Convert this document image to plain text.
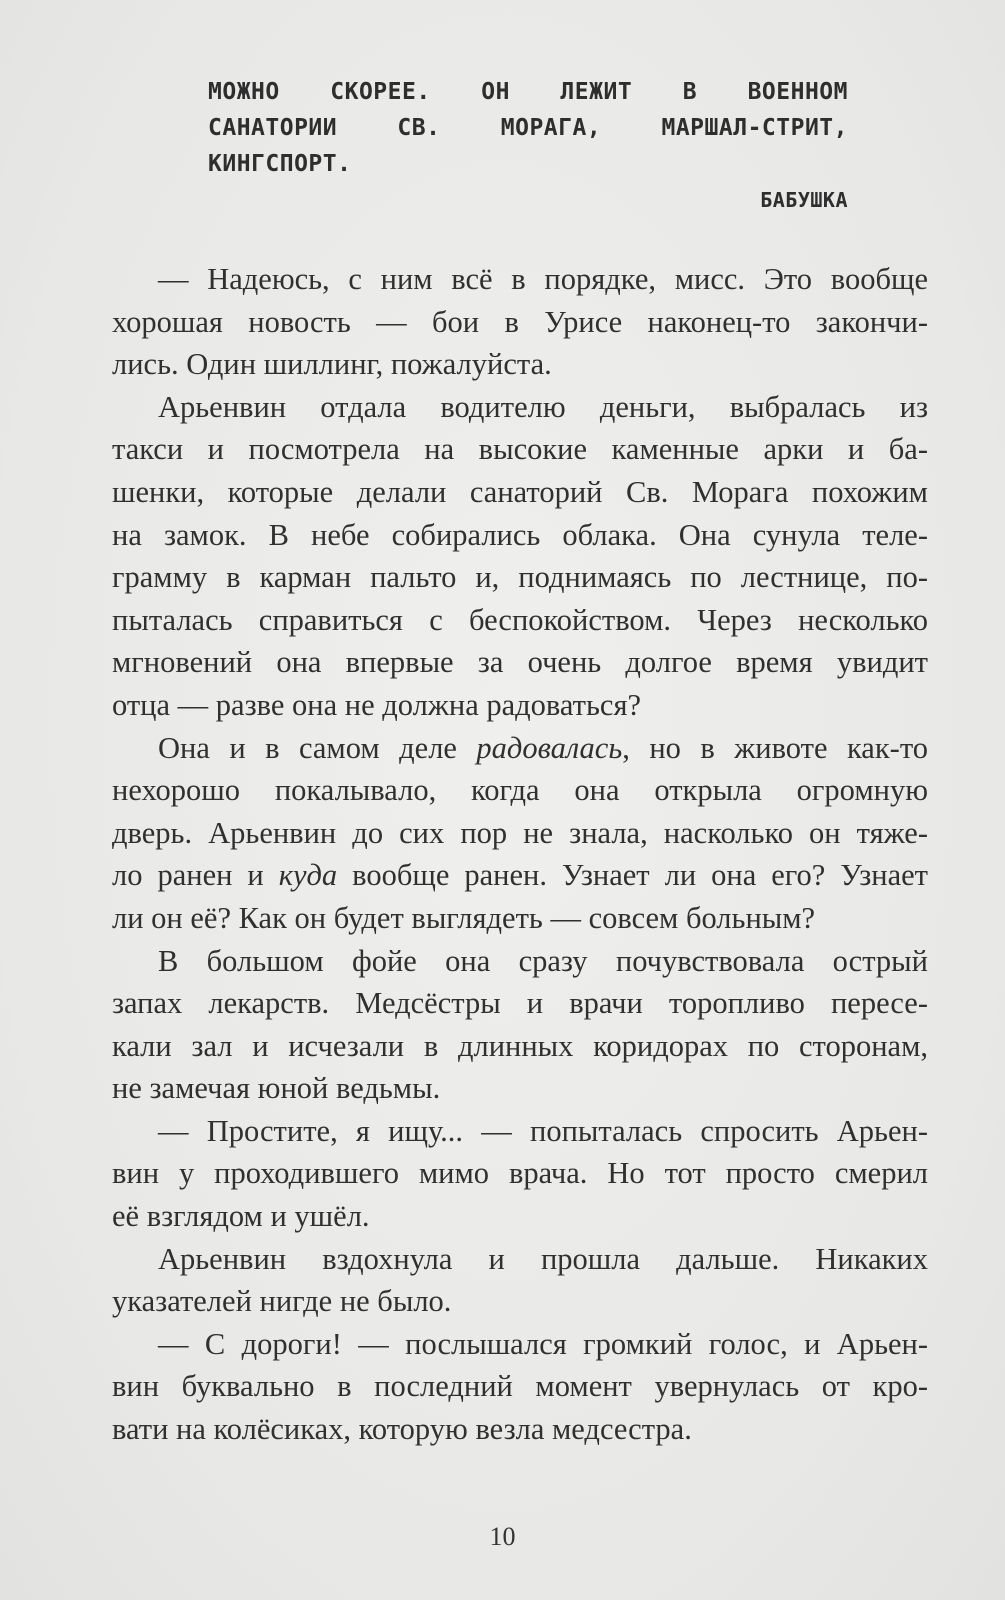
МОЖНО СКОРЕЕ. ОН ЛЕЖИТ В ВОЕННОМ
САНАТОРИИ СВ. МОРАГА, МАРШАЛ-СТРИТ,
КИНГСПОРТ.
БАБУШКА
— Надеюсь, с ним всё в порядке, мисс. Это вообще
хорошая новость — бои в Урисе наконец-то закончи-
лись. Один шиллинг, пожалуйста.
Арьенвин отдала водителю деньги, выбралась из
такси и посмотрела на высокие каменные арки и ба-
шенки, которые делали санаторий Св. Морага похожим
на замок. В небе собирались облака. Она сунула теле-
грамму в карман пальто и, поднимаясь по лестнице, по-
пыталась справиться с беспокойством. Через несколько
мгновений она впервые за очень долгое время увидит
отца — разве она не должна радоваться?
Она и в самом деле радовалась, но в животе как-то
нехорошо покалывало, когда она открыла огромную
дверь. Арьенвин до сих пор не знала, насколько он тяже-
ло ранен и куда вообще ранен. Узнает ли она его? Узнает
ли он её? Как он будет выглядеть — совсем больным?
В большом фойе она сразу почувствовала острый
запах лекарств. Медсёстры и врачи торопливо пересе-
кали зал и исчезали в длинных коридорах по сторонам,
не замечая юной ведьмы.
— Простите, я ищу... — попыталась спросить Арьен-
вин у проходившего мимо врача. Но тот просто смерил
её взглядом и ушёл.
Арьенвин вздохнула и прошла дальше. Никаких
указателей нигде не было.
— С дороги! — послышался громкий голос, и Арьен-
вин буквально в последний момент увернулась от кро-
вати на колёсиках, которую везла медсестра.
10
